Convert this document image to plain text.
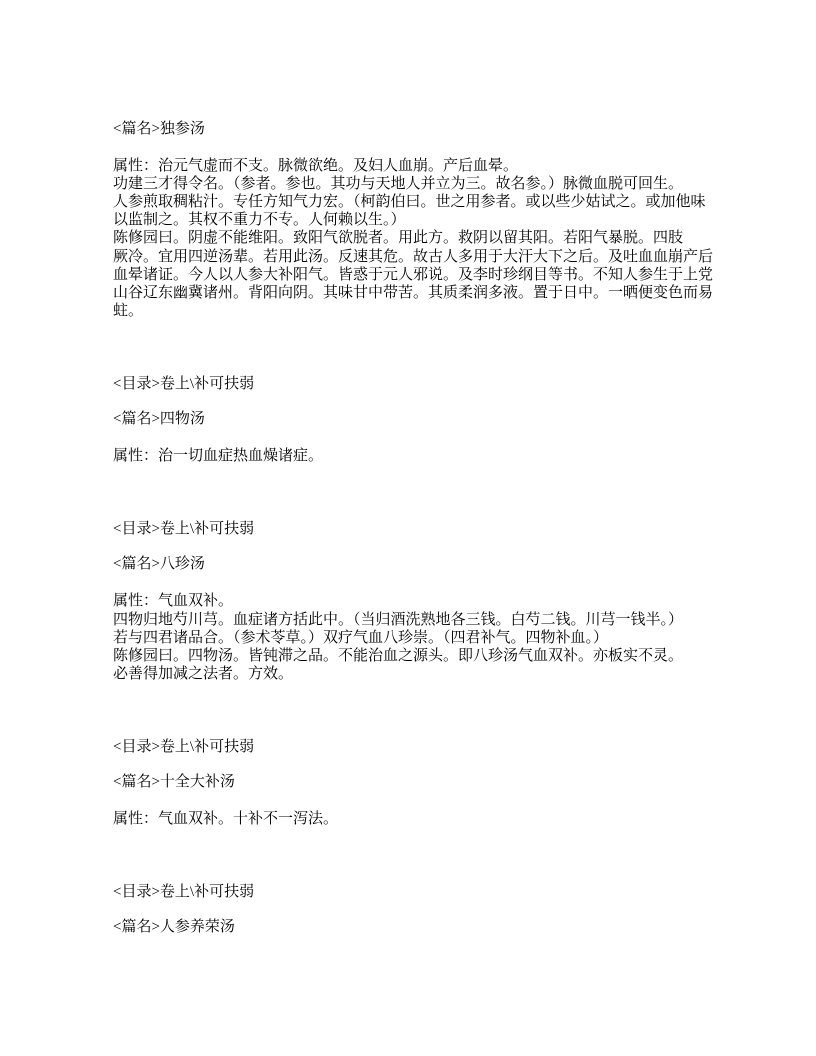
<篇名>独参汤
属性：治元气虚而不支。脉微欲绝。及妇人血崩。产后血晕。
功建三才得令名。（参者。参也。其功与天地人并立为三。故名参。）脉微血脱可回生。
人参煎取稠粘汁。专任方知气力宏。（柯韵伯曰。世之用参者。或以些少姑试之。或加他味
以监制之。其权不重力不专。人何赖以生。）
陈修园曰。阴虚不能维阳。致阳气欲脱者。用此方。救阴以留其阳。若阳气暴脱。四肢
厥冷。宜用四逆汤辈。若用此汤。反速其危。故古人多用于大汗大下之后。及吐血血崩产后
血晕诸证。今人以人参大补阳气。皆惑于元人邪说。及李时珍纲目等书。不知人参生于上党
山谷辽东幽冀诸州。背阳向阴。其味甘中带苦。其质柔润多液。置于日中。一晒便变色而易
蛀。
<目录>卷上\补可扶弱
<篇名>四物汤
属性：治一切血症热血燥诸症。
<目录>卷上\补可扶弱
<篇名>八珍汤
属性：气血双补。
四物归地芍川芎。血症诸方括此中。（当归酒洗熟地各三钱。白芍二钱。川芎一钱半。）
若与四君诸品合。（参术苓草。）双疗气血八珍崇。（四君补气。四物补血。）
陈修园曰。四物汤。皆钝滞之品。不能治血之源头。即八珍汤气血双补。亦板实不灵。
必善得加减之法者。方效。
<目录>卷上\补可扶弱
<篇名>十全大补汤
属性：气血双补。十补不一泻法。
<目录>卷上\补可扶弱
<篇名>人参养荣汤
